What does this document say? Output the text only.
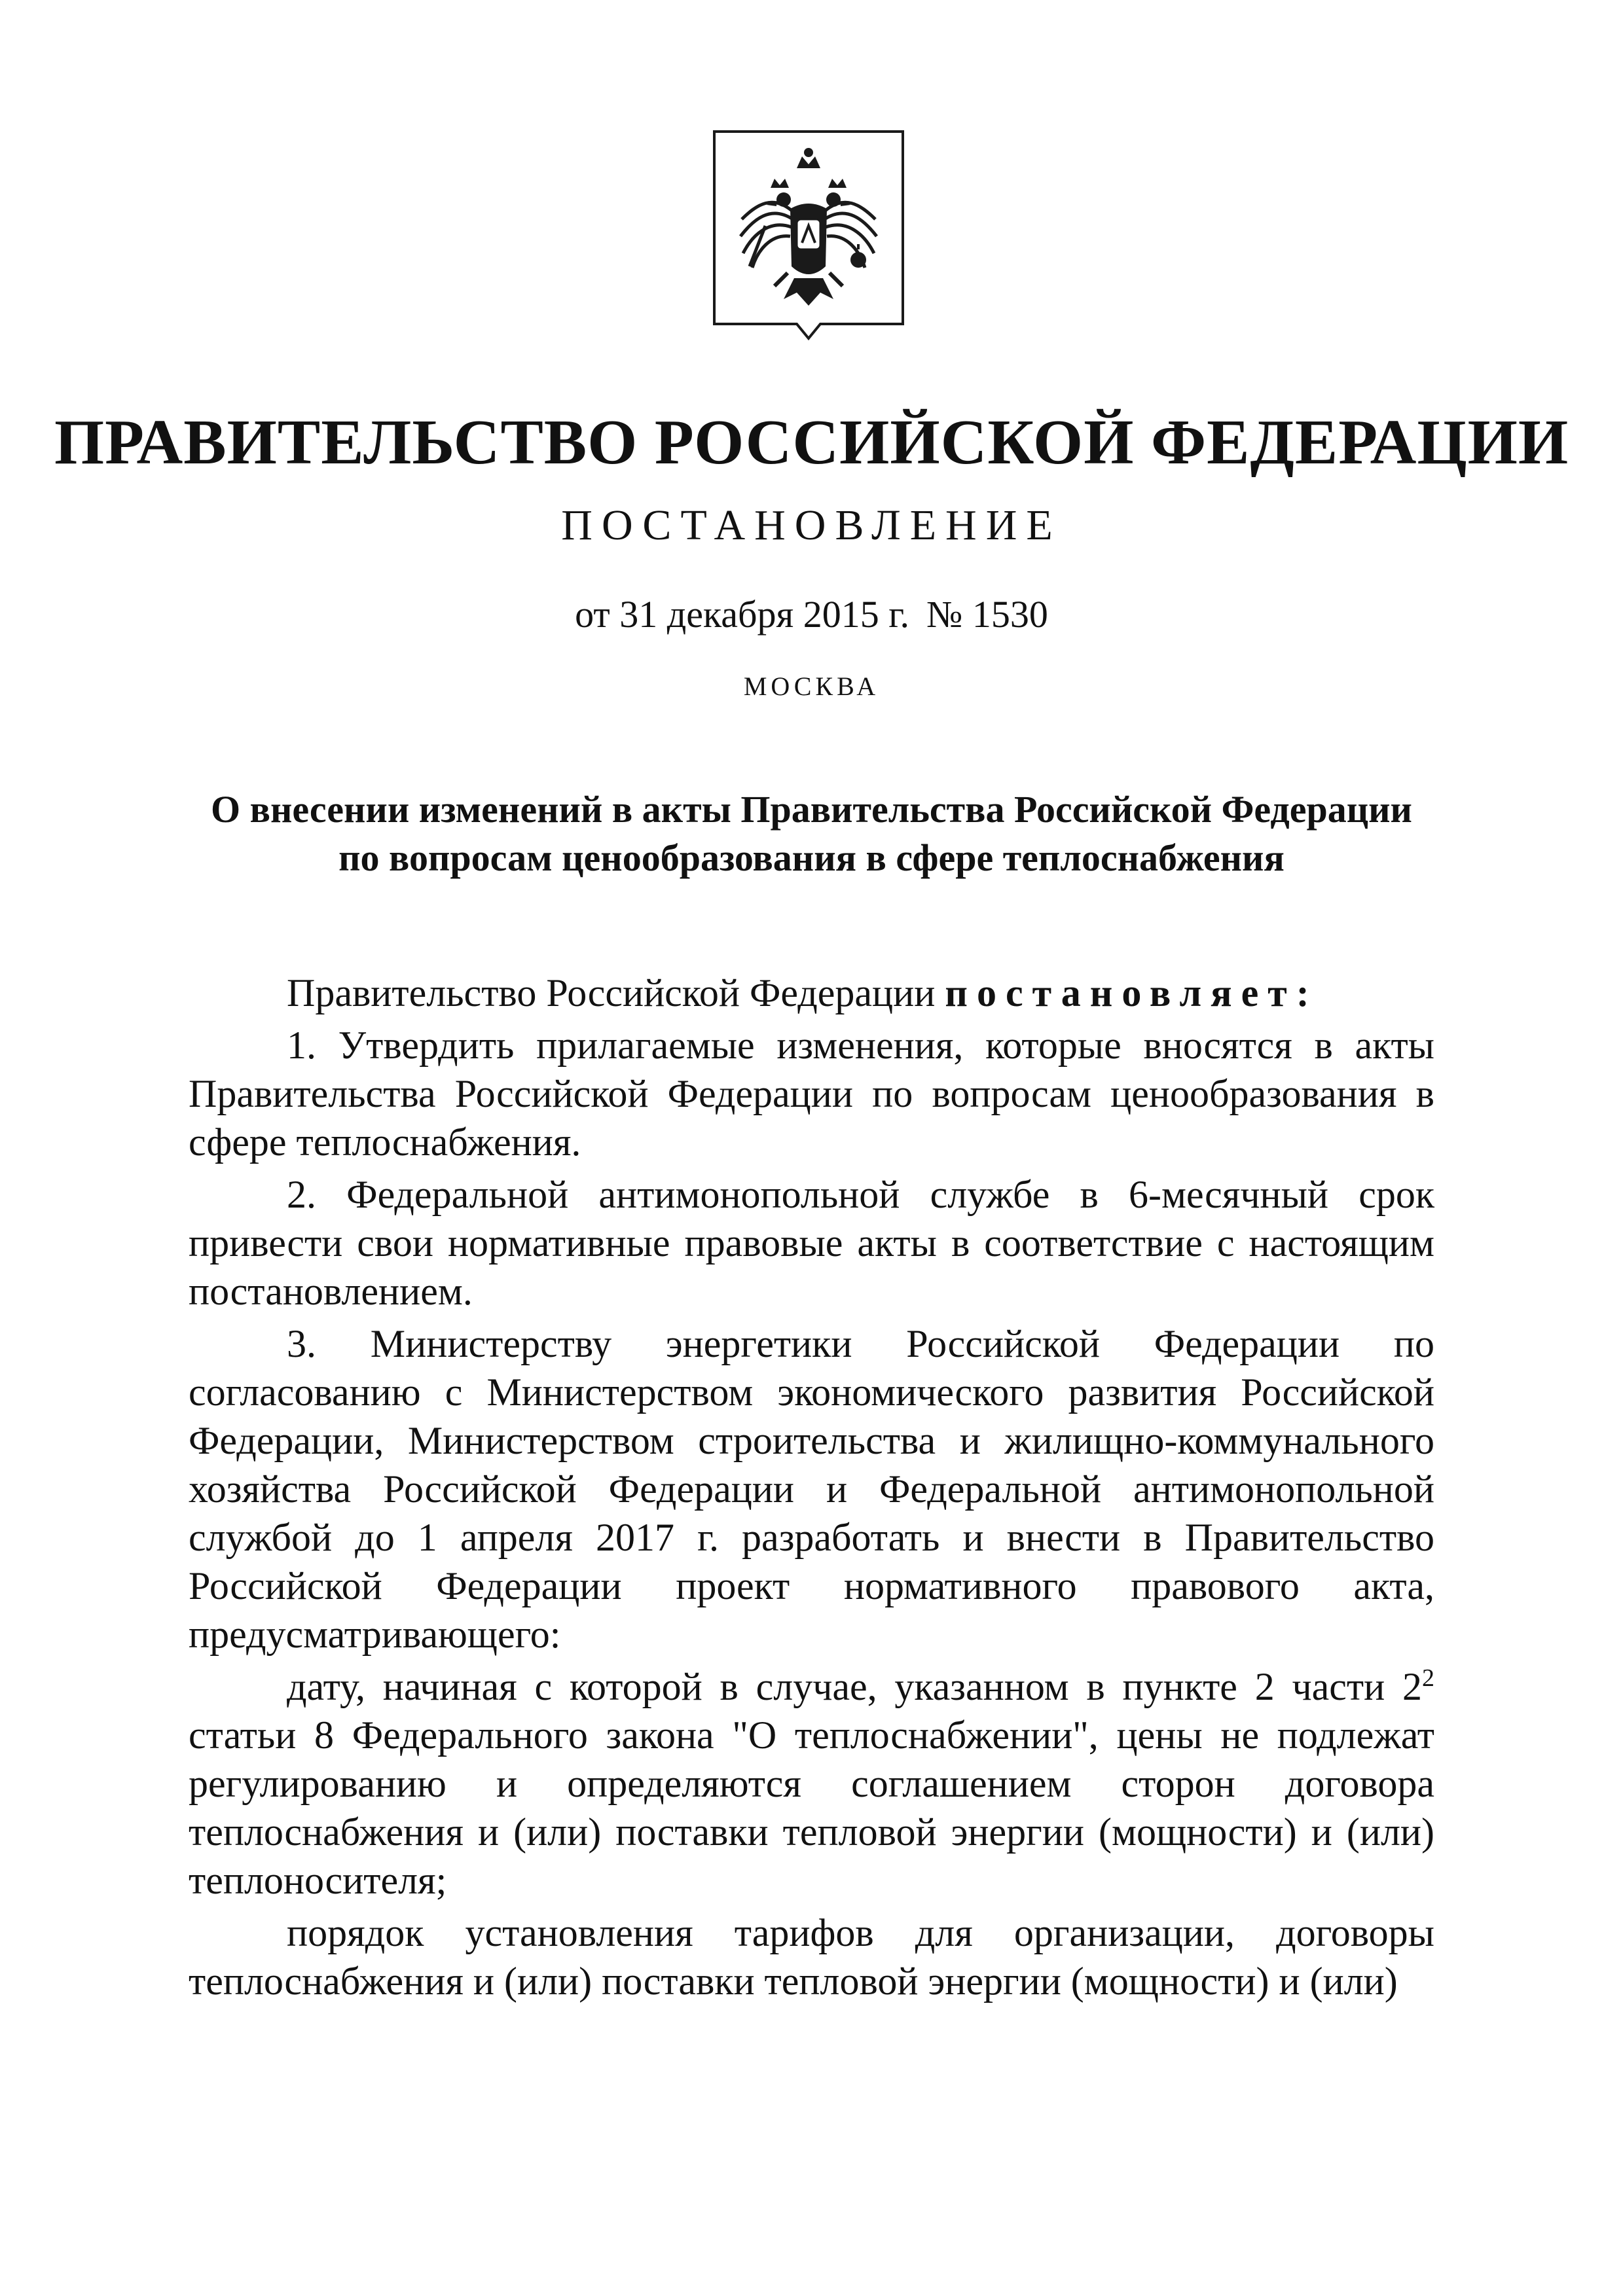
ПРАВИТЕЛЬСТВО РОССИЙСКОЙ ФЕДЕРАЦИИ
ПОСТАНОВЛЕНИЕ
от 31 декабря 2015 г. № 1530
МОСКВА
О внесении изменений в акты Правительства Российской Федерации
по вопросам ценообразования в сфере теплоснабжения

Правительство Российской Федерации постановляет:

1. Утвердить прилагаемые изменения, которые вносятся в акты Правительства Российской Федерации по вопросам ценообразования в сфере теплоснабжения.

2. Федеральной антимонопольной службе в 6-месячный срок привести свои нормативные правовые акты в соответствие с настоящим постановлением.

3. Министерству энергетики Российской Федерации по согласованию с Министерством экономического развития Российской Федерации, Министерством строительства и жилищно-коммунального хозяйства Российской Федерации и Федеральной антимонопольной службой до 1 апреля 2017 г. разработать и внести в Правительство Российской Федерации проект нормативного правового акта, предусматривающего:

дату, начиная с которой в случае, указанном в пункте 2 части $2^2$ статьи 8 Федерального закона "О теплоснабжении", цены не подлежат регулированию и определяются соглашением сторон договора теплоснабжения и (или) поставки тепловой энергии (мощности) и (или) теплоносителя;

порядок установления тарифов для организации, договоры теплоснабжения и (или) поставки тепловой энергии (мощности) и (или)
